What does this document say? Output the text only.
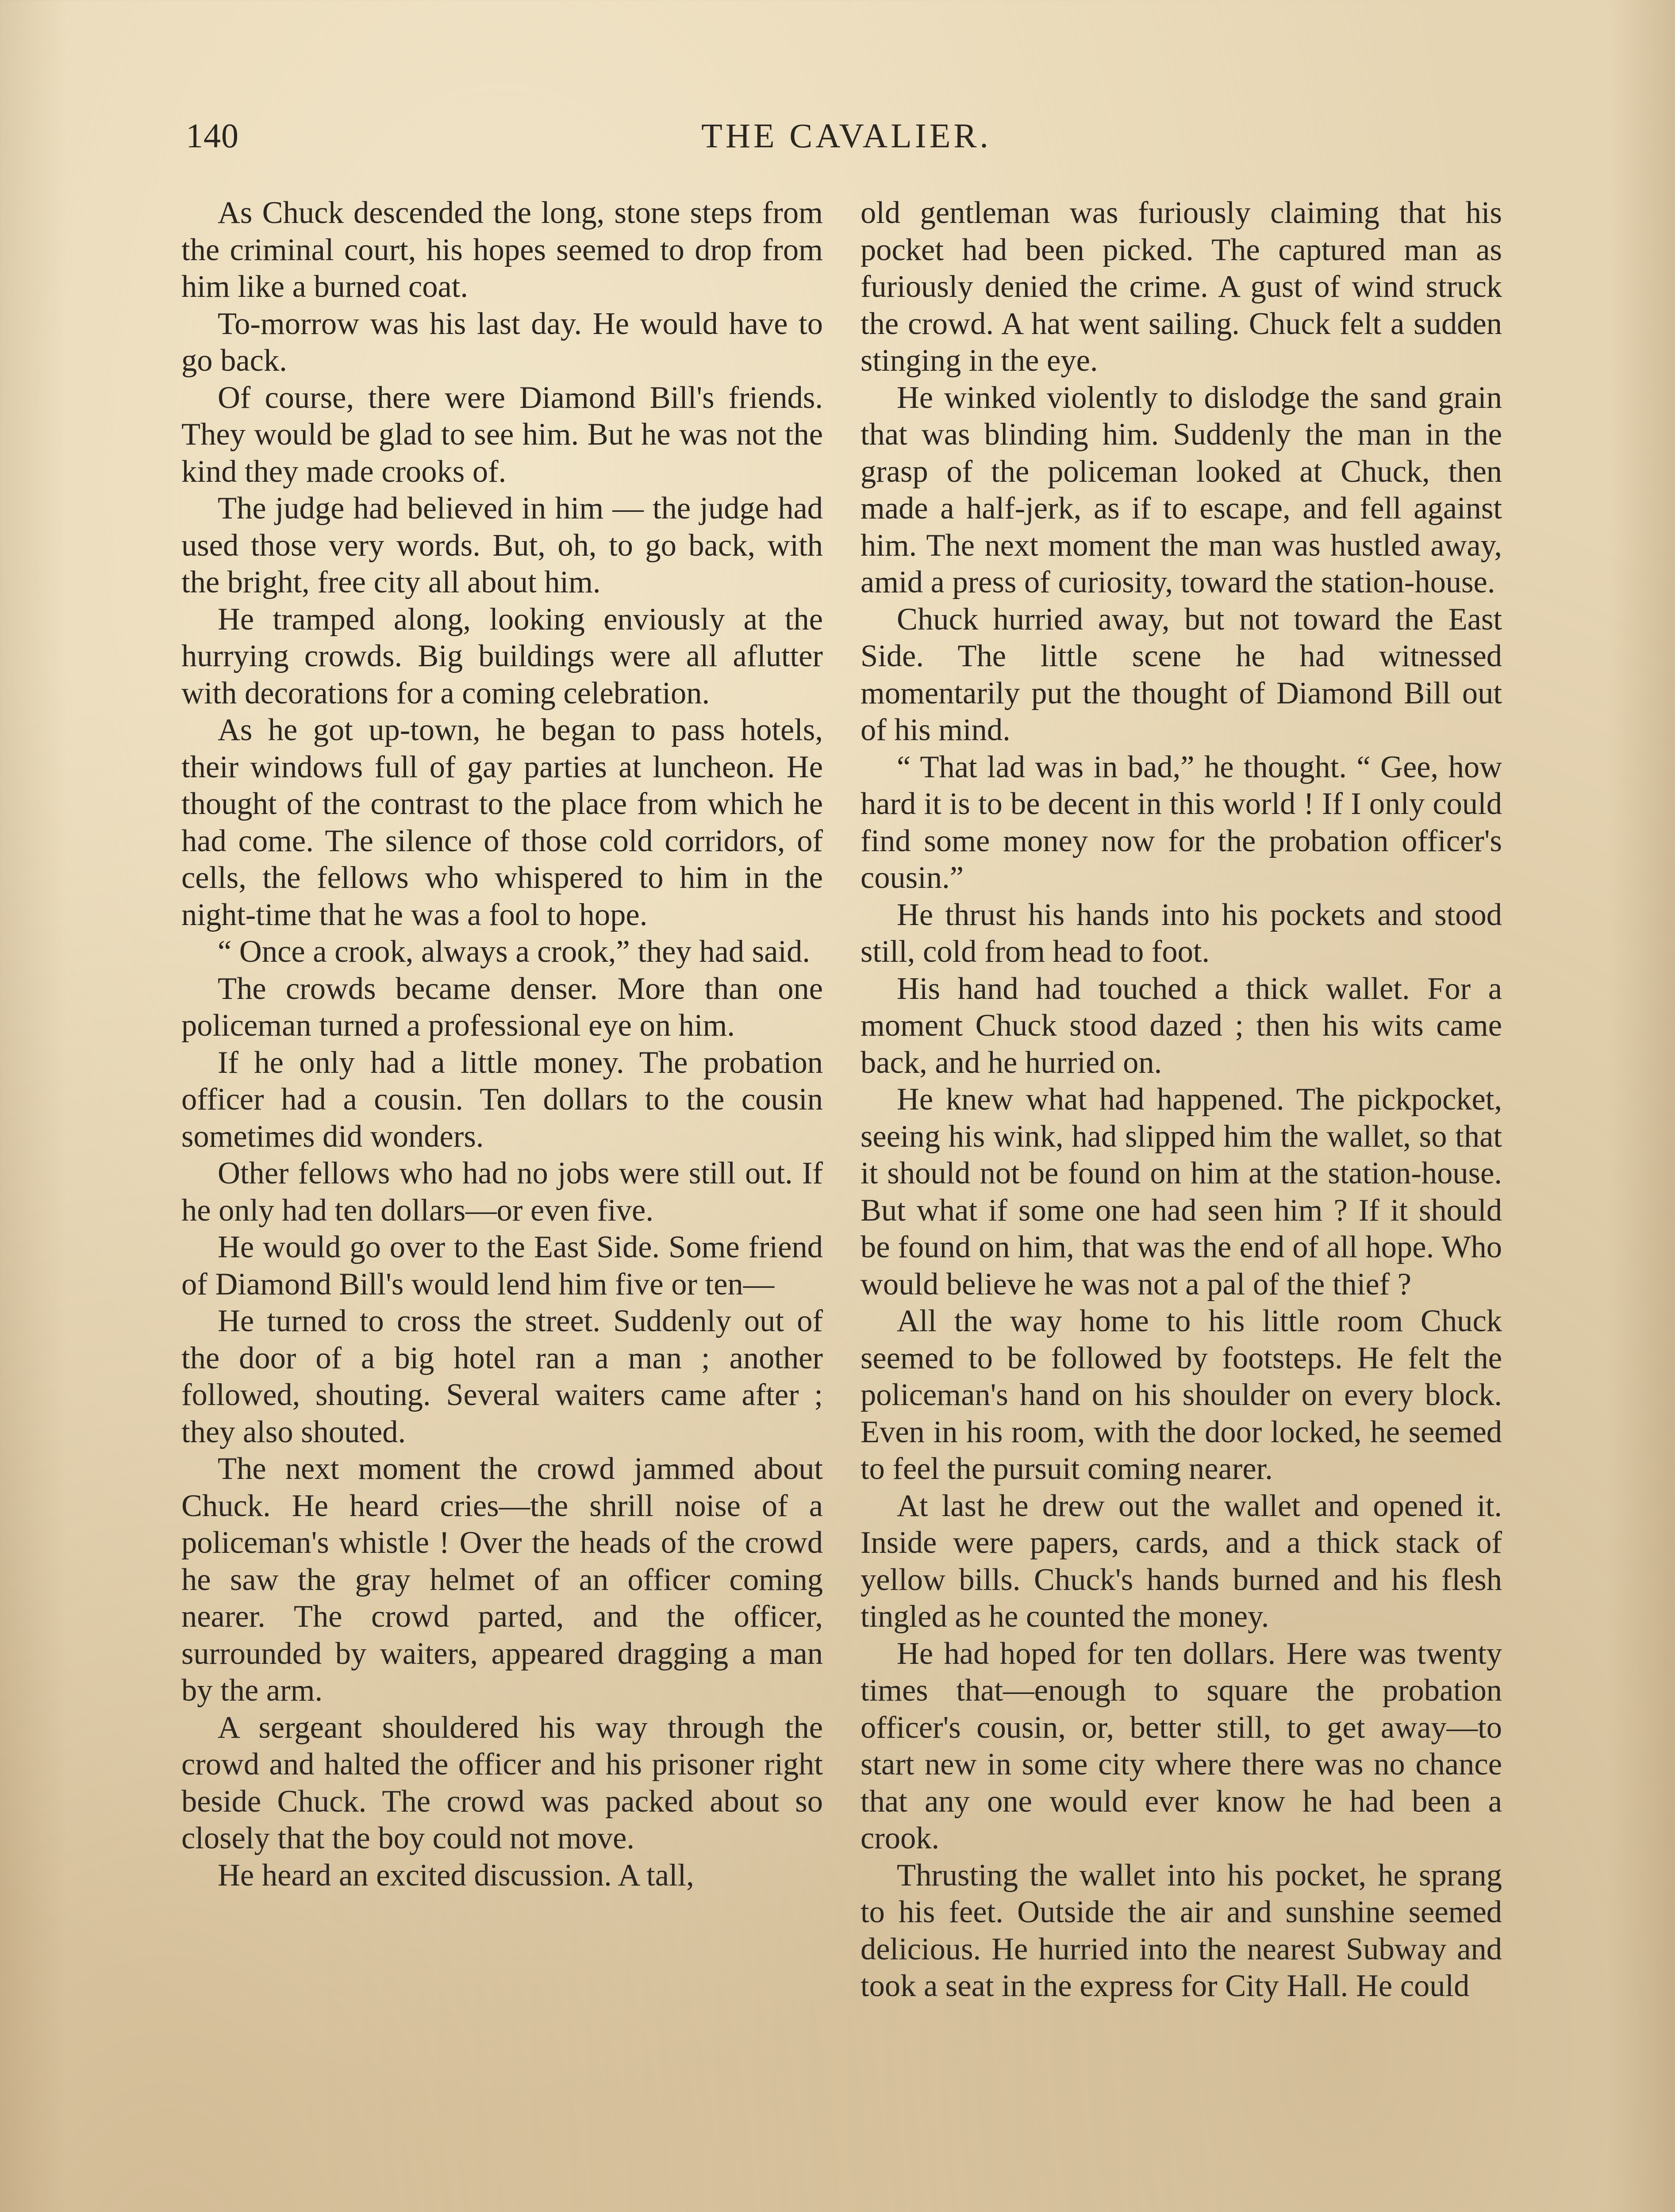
140	THE CAVALIER.

As Chuck descended the long, stone steps from the criminal court, his hopes seemed to drop from him like a burned coat.

To-morrow was his last day. He would have to go back.

Of course, there were Diamond Bill's friends. They would be glad to see him. But he was not the kind they made crooks of.

The judge had believed in him — the judge had used those very words. But, oh, to go back, with the bright, free city all about him.

He tramped along, looking enviously at the hurrying crowds. Big buildings were all aflutter with decorations for a coming celebration.

As he got up-town, he began to pass hotels, their windows full of gay parties at luncheon. He thought of the contrast to the place from which he had come. The silence of those cold corridors, of cells, the fellows who whispered to him in the night-time that he was a fool to hope.

“ Once a crook, always a crook,” they had said.

The crowds became denser. More than one policeman turned a professional eye on him.

If he only had a little money. The probation officer had a cousin. Ten dollars to the cousin sometimes did wonders.

Other fellows who had no jobs were still out. If he only had ten dollars—or even five.

He would go over to the East Side. Some friend of Diamond Bill's would lend him five or ten—

He turned to cross the street. Suddenly out of the door of a big hotel ran a man ; another followed, shouting. Several waiters came after ; they also shouted.

The next moment the crowd jammed about Chuck. He heard cries—the shrill noise of a policeman's whistle ! Over the heads of the crowd he saw the gray helmet of an officer coming nearer. The crowd parted, and the officer, surrounded by waiters, appeared dragging a man by the arm.

A sergeant shouldered his way through the crowd and halted the officer and his prisoner right beside Chuck. The crowd was packed about so closely that the boy could not move.

He heard an excited discussion. A tall,

old gentleman was furiously claiming that his pocket had been picked. The captured man as furiously denied the crime. A gust of wind struck the crowd. A hat went sailing. Chuck felt a sudden stinging in the eye.

He winked violently to dislodge the sand grain that was blinding him. Suddenly the man in the grasp of the policeman looked at Chuck, then made a half-jerk, as if to escape, and fell against him. The next moment the man was hustled away, amid a press of curiosity, toward the station-house.

Chuck hurried away, but not toward the East Side. The little scene he had witnessed momentarily put the thought of Diamond Bill out of his mind.

“ That lad was in bad,” he thought. “ Gee, how hard it is to be decent in this world ! If I only could find some money now for the probation officer's cousin.”

He thrust his hands into his pockets and stood still, cold from head to foot.

His hand had touched a thick wallet. For a moment Chuck stood dazed ; then his wits came back, and he hurried on.

He knew what had happened. The pickpocket, seeing his wink, had slipped him the wallet, so that it should not be found on him at the station-house. But what if some one had seen him ? If it should be found on him, that was the end of all hope. Who would believe he was not a pal of the thief ?

All the way home to his little room Chuck seemed to be followed by footsteps. He felt the policeman's hand on his shoulder on every block. Even in his room, with the door locked, he seemed to feel the pursuit coming nearer.

At last he drew out the wallet and opened it. Inside were papers, cards, and a thick stack of yellow bills. Chuck's hands burned and his flesh tingled as he counted the money.

He had hoped for ten dollars. Here was twenty times that—enough to square the probation officer's cousin, or, better still, to get away—to start new in some city where there was no chance that any one would ever know he had been a crook.

Thrusting the wallet into his pocket, he sprang to his feet. Outside the air and sunshine seemed delicious. He hurried into the nearest Subway and took a seat in the express for City Hall. He could
